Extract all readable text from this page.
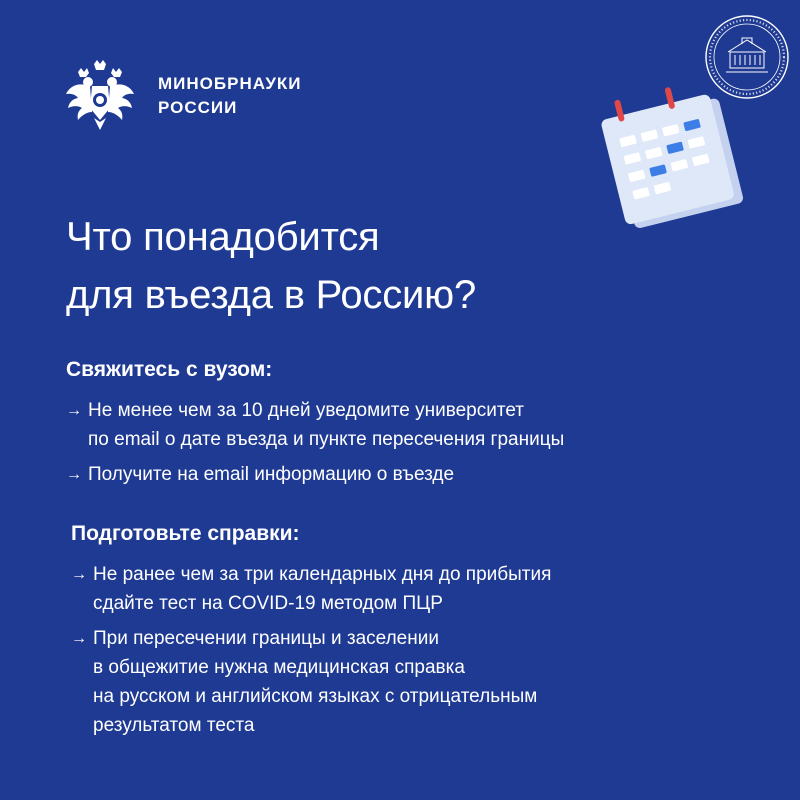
МИНОБРНАУКИ
РОССИИ
Что понадобится
для въезда в Россию?
Свяжитесь с вузом:
→ Не менее чем за 10 дней уведомите университет
по email о дате въезда и пункте пересечения границы
→ Получите на email информацию о въезде
Подготовьте справки:
→ Не ранее чем за три календарных дня до прибытия
сдайте тест на COVID-19 методом ПЦР
→ При пересечении границы и заселении
в общежитие нужна медицинская справка
на русском и английском языках с отрицательным
результатом теста
